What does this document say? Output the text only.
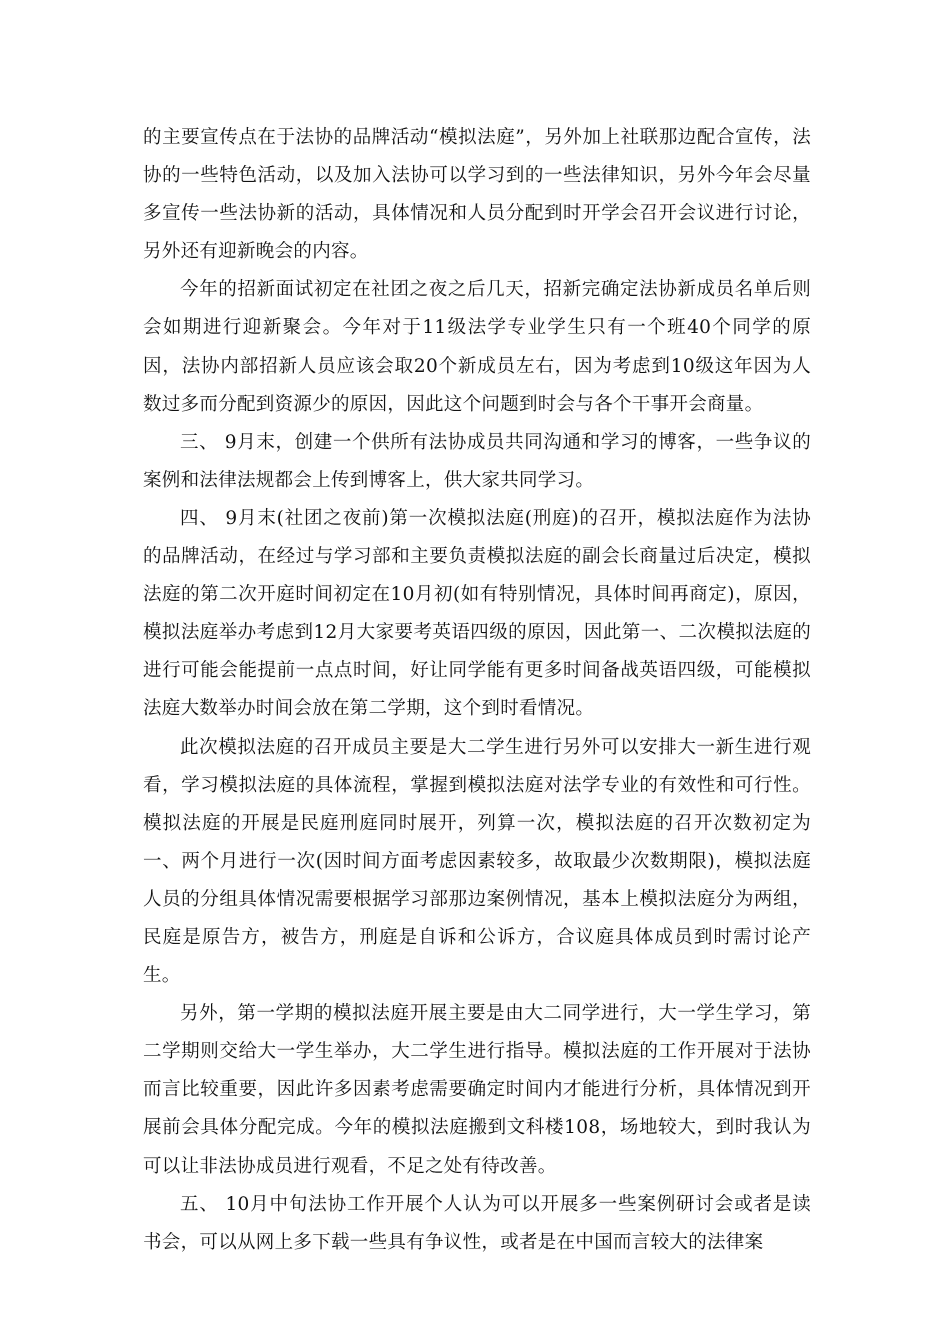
的主要宣传点在于法协的品牌活动“模拟法庭”，另外加上社联那边配合宣传，法协的一些特色活动，以及加入法协可以学习到的一些法律知识，另外今年会尽量多宣传一些法协新的活动，具体情况和人员分配到时开学会召开会议进行讨论，另外还有迎新晚会的内容。

今年的招新面试初定在社团之夜之后几天，招新完确定法协新成员名单后则会如期进行迎新聚会。今年对于11级法学专业学生只有一个班40个同学的原因，法协内部招新人员应该会取20个新成员左右，因为考虑到10级这年因为人数过多而分配到资源少的原因，因此这个问题到时会与各个干事开会商量。

三、 9月末，创建一个供所有法协成员共同沟通和学习的博客，一些争议的案例和法律法规都会上传到博客上，供大家共同学习。

四、 9月末(社团之夜前)第一次模拟法庭(刑庭)的召开，模拟法庭作为法协的品牌活动，在经过与学习部和主要负责模拟法庭的副会长商量过后决定，模拟法庭的第二次开庭时间初定在10月初(如有特别情况，具体时间再商定)，原因，模拟法庭举办考虑到12月大家要考英语四级的原因，因此第一、二次模拟法庭的进行可能会能提前一点点时间，好让同学能有更多时间备战英语四级，可能模拟法庭大数举办时间会放在第二学期，这个到时看情况。

此次模拟法庭的召开成员主要是大二学生进行另外可以安排大一新生进行观看，学习模拟法庭的具体流程，掌握到模拟法庭对法学专业的有效性和可行性。模拟法庭的开展是民庭刑庭同时展开，列算一次，模拟法庭的召开次数初定为一、两个月进行一次(因时间方面考虑因素较多，故取最少次数期限)，模拟法庭人员的分组具体情况需要根据学习部那边案例情况，基本上模拟法庭分为两组，民庭是原告方，被告方，刑庭是自诉和公诉方，合议庭具体成员到时需讨论产生。

另外，第一学期的模拟法庭开展主要是由大二同学进行，大一学生学习，第二学期则交给大一学生举办，大二学生进行指导。模拟法庭的工作开展对于法协而言比较重要，因此许多因素考虑需要确定时间内才能进行分析，具体情况到开展前会具体分配完成。今年的模拟法庭搬到文科楼108，场地较大，到时我认为可以让非法协成员进行观看，不足之处有待改善。

五、 10月中旬法协工作开展个人认为可以开展多一些案例研讨会或者是读书会，可以从网上多下载一些具有争议性，或者是在中国而言较大的法律案
